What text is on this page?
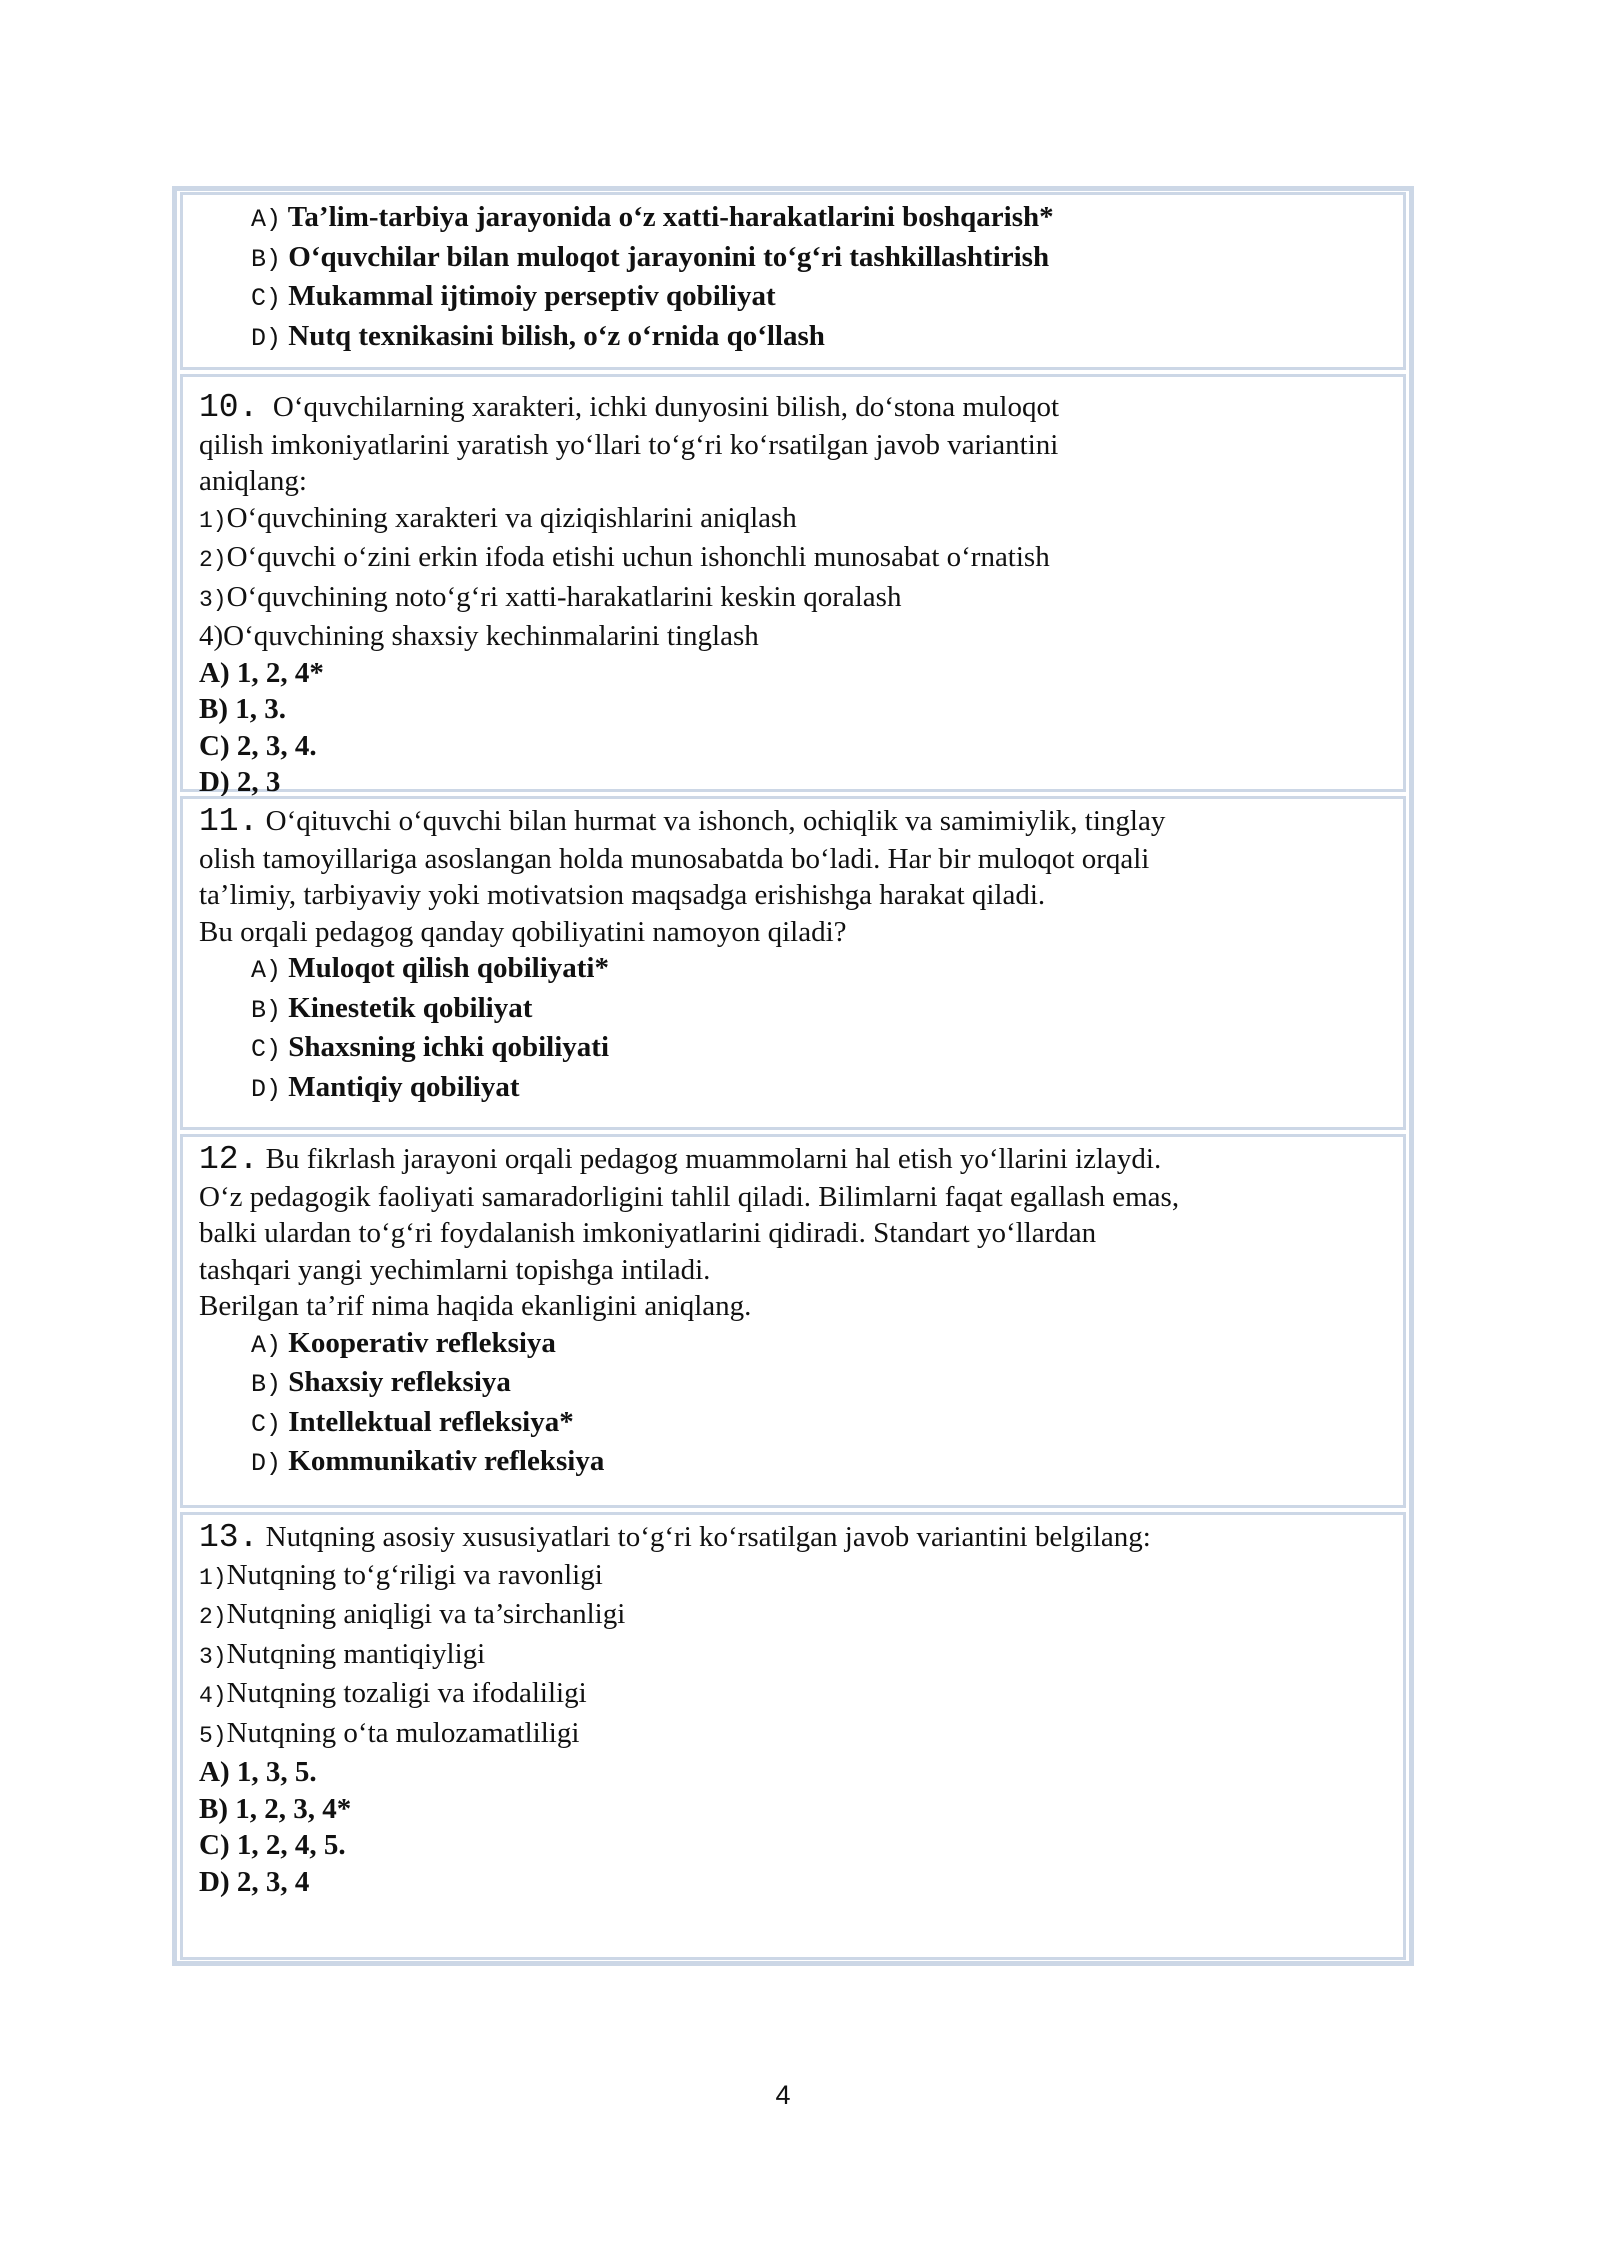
A) Ta’lim-tarbiya jarayonida o‘z xatti-harakatlarini boshqarish*
B) O‘quvchilar bilan muloqot jarayonini to‘g‘ri tashkillashtirish
C) Mukammal ijtimoiy perseptiv qobiliyat
D) Nutq texnikasini bilish, o‘z o‘rnida qo‘llash
10. O‘quvchilarning xarakteri, ichki dunyosini bilish, do‘stona muloqot
qilish imkoniyatlarini yaratish yo‘llari to‘g‘ri ko‘rsatilgan javob variantini
aniqlang:
1)O‘quvchining xarakteri va qiziqishlarini aniqlash
2)O‘quvchi o‘zini erkin ifoda etishi uchun ishonchli munosabat o‘rnatish
3)O‘quvchining noto‘g‘ri xatti-harakatlarini keskin qoralash
4)O‘quvchining shaxsiy kechinmalarini tinglash
A) 1, 2, 4*
B) 1, 3.
C) 2, 3, 4.
D) 2, 3
11. O‘qituvchi o‘quvchi bilan hurmat va ishonch, ochiqlik va samimiylik, tinglay
olish tamoyillariga asoslangan holda munosabatda bo‘ladi. Har bir muloqot orqali
ta’limiy, tarbiyaviy yoki motivatsion maqsadga erishishga harakat qiladi.
Bu orqali pedagog qanday qobiliyatini namoyon qiladi?
A) Muloqot qilish qobiliyati*
B) Kinestetik qobiliyat
C) Shaxsning ichki qobiliyati
D) Mantiqiy qobiliyat
12. Bu fikrlash jarayoni orqali pedagog muammolarni hal etish yo‘llarini izlaydi.
O‘z pedagogik faoliyati samaradorligini tahlil qiladi. Bilimlarni faqat egallash emas,
balki ulardan to‘g‘ri foydalanish imkoniyatlarini qidiradi. Standart yo‘llardan
tashqari yangi yechimlarni topishga intiladi.
Berilgan ta’rif nima haqida ekanligini aniqlang.
A) Kooperativ refleksiya
B) Shaxsiy refleksiya
C) Intellektual refleksiya*
D) Kommunikativ refleksiya
13. Nutqning asosiy xususiyatlari to‘g‘ri ko‘rsatilgan javob variantini belgilang:
1)Nutqning to‘g‘riligi va ravonligi
2)Nutqning aniqligi va ta’sirchanligi
3)Nutqning mantiqiyligi
4)Nutqning tozaligi va ifodaliligi
5)Nutqning o‘ta mulozamatliligi
A) 1, 3, 5.
B) 1, 2, 3, 4*
C) 1, 2, 4, 5.
D) 2, 3, 4
4
